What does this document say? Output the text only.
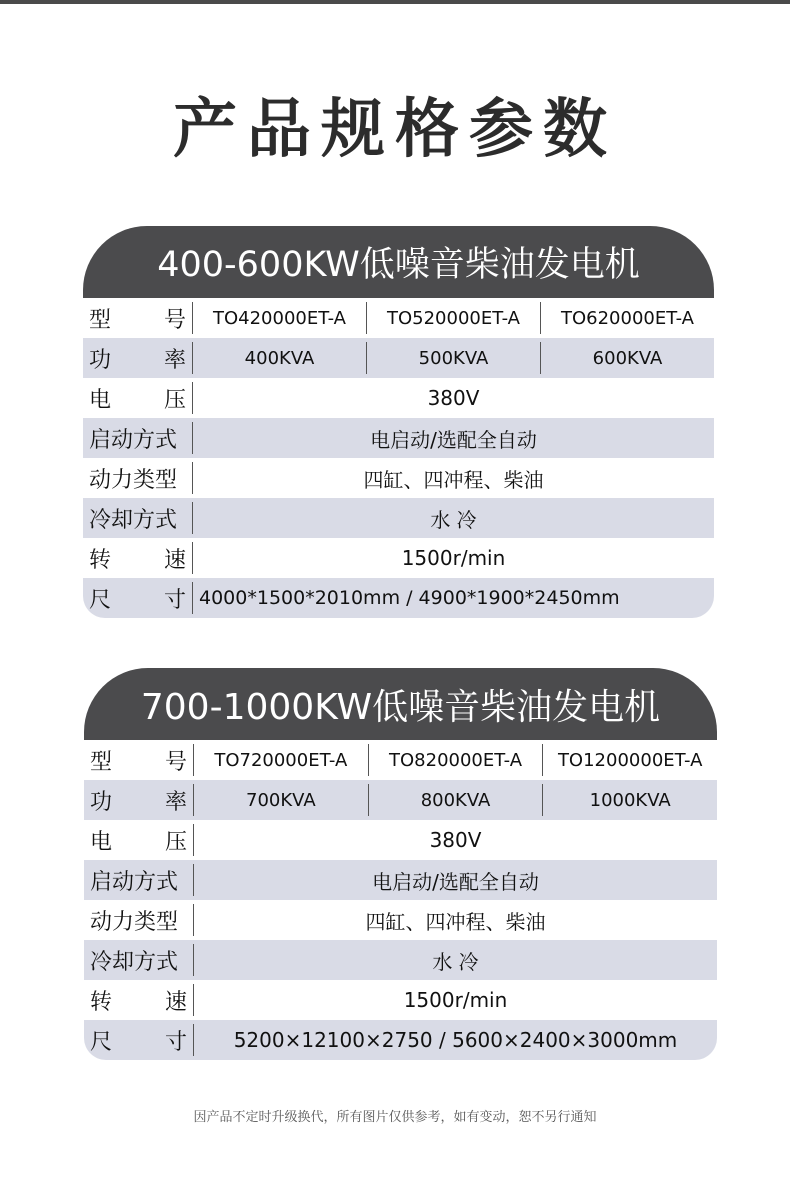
产品规格参数
400-600KW低噪音柴油发电机
型 号	TO420000ET-A	TO520000ET-A	TO620000ET-A
功 率	400KVA	500KVA	600KVA
电 压	380V
启动方式	电启动/选配全自动
动力类型	四缸、四冲程、柴油
冷却方式	水 冷
转 速	1500r/min
尺 寸 4000*1500*2010mm / 4900*1900*2450mm
700-1000KW低噪音柴油发电机
型 号	TO720000ET-A	TO820000ET-A	TO1200000ET-A
功 率	700KVA	800KVA	1000KVA
电 压	380V
启动方式	电启动/选配全自动
动力类型	四缸、四冲程、柴油
冷却方式	水 冷
转 速	1500r/min
尺 寸	5200×12100×2750 / 5600×2400×3000mm
因产品不定时升级换代，所有图片仅供参考，如有变动，恕不另行通知
